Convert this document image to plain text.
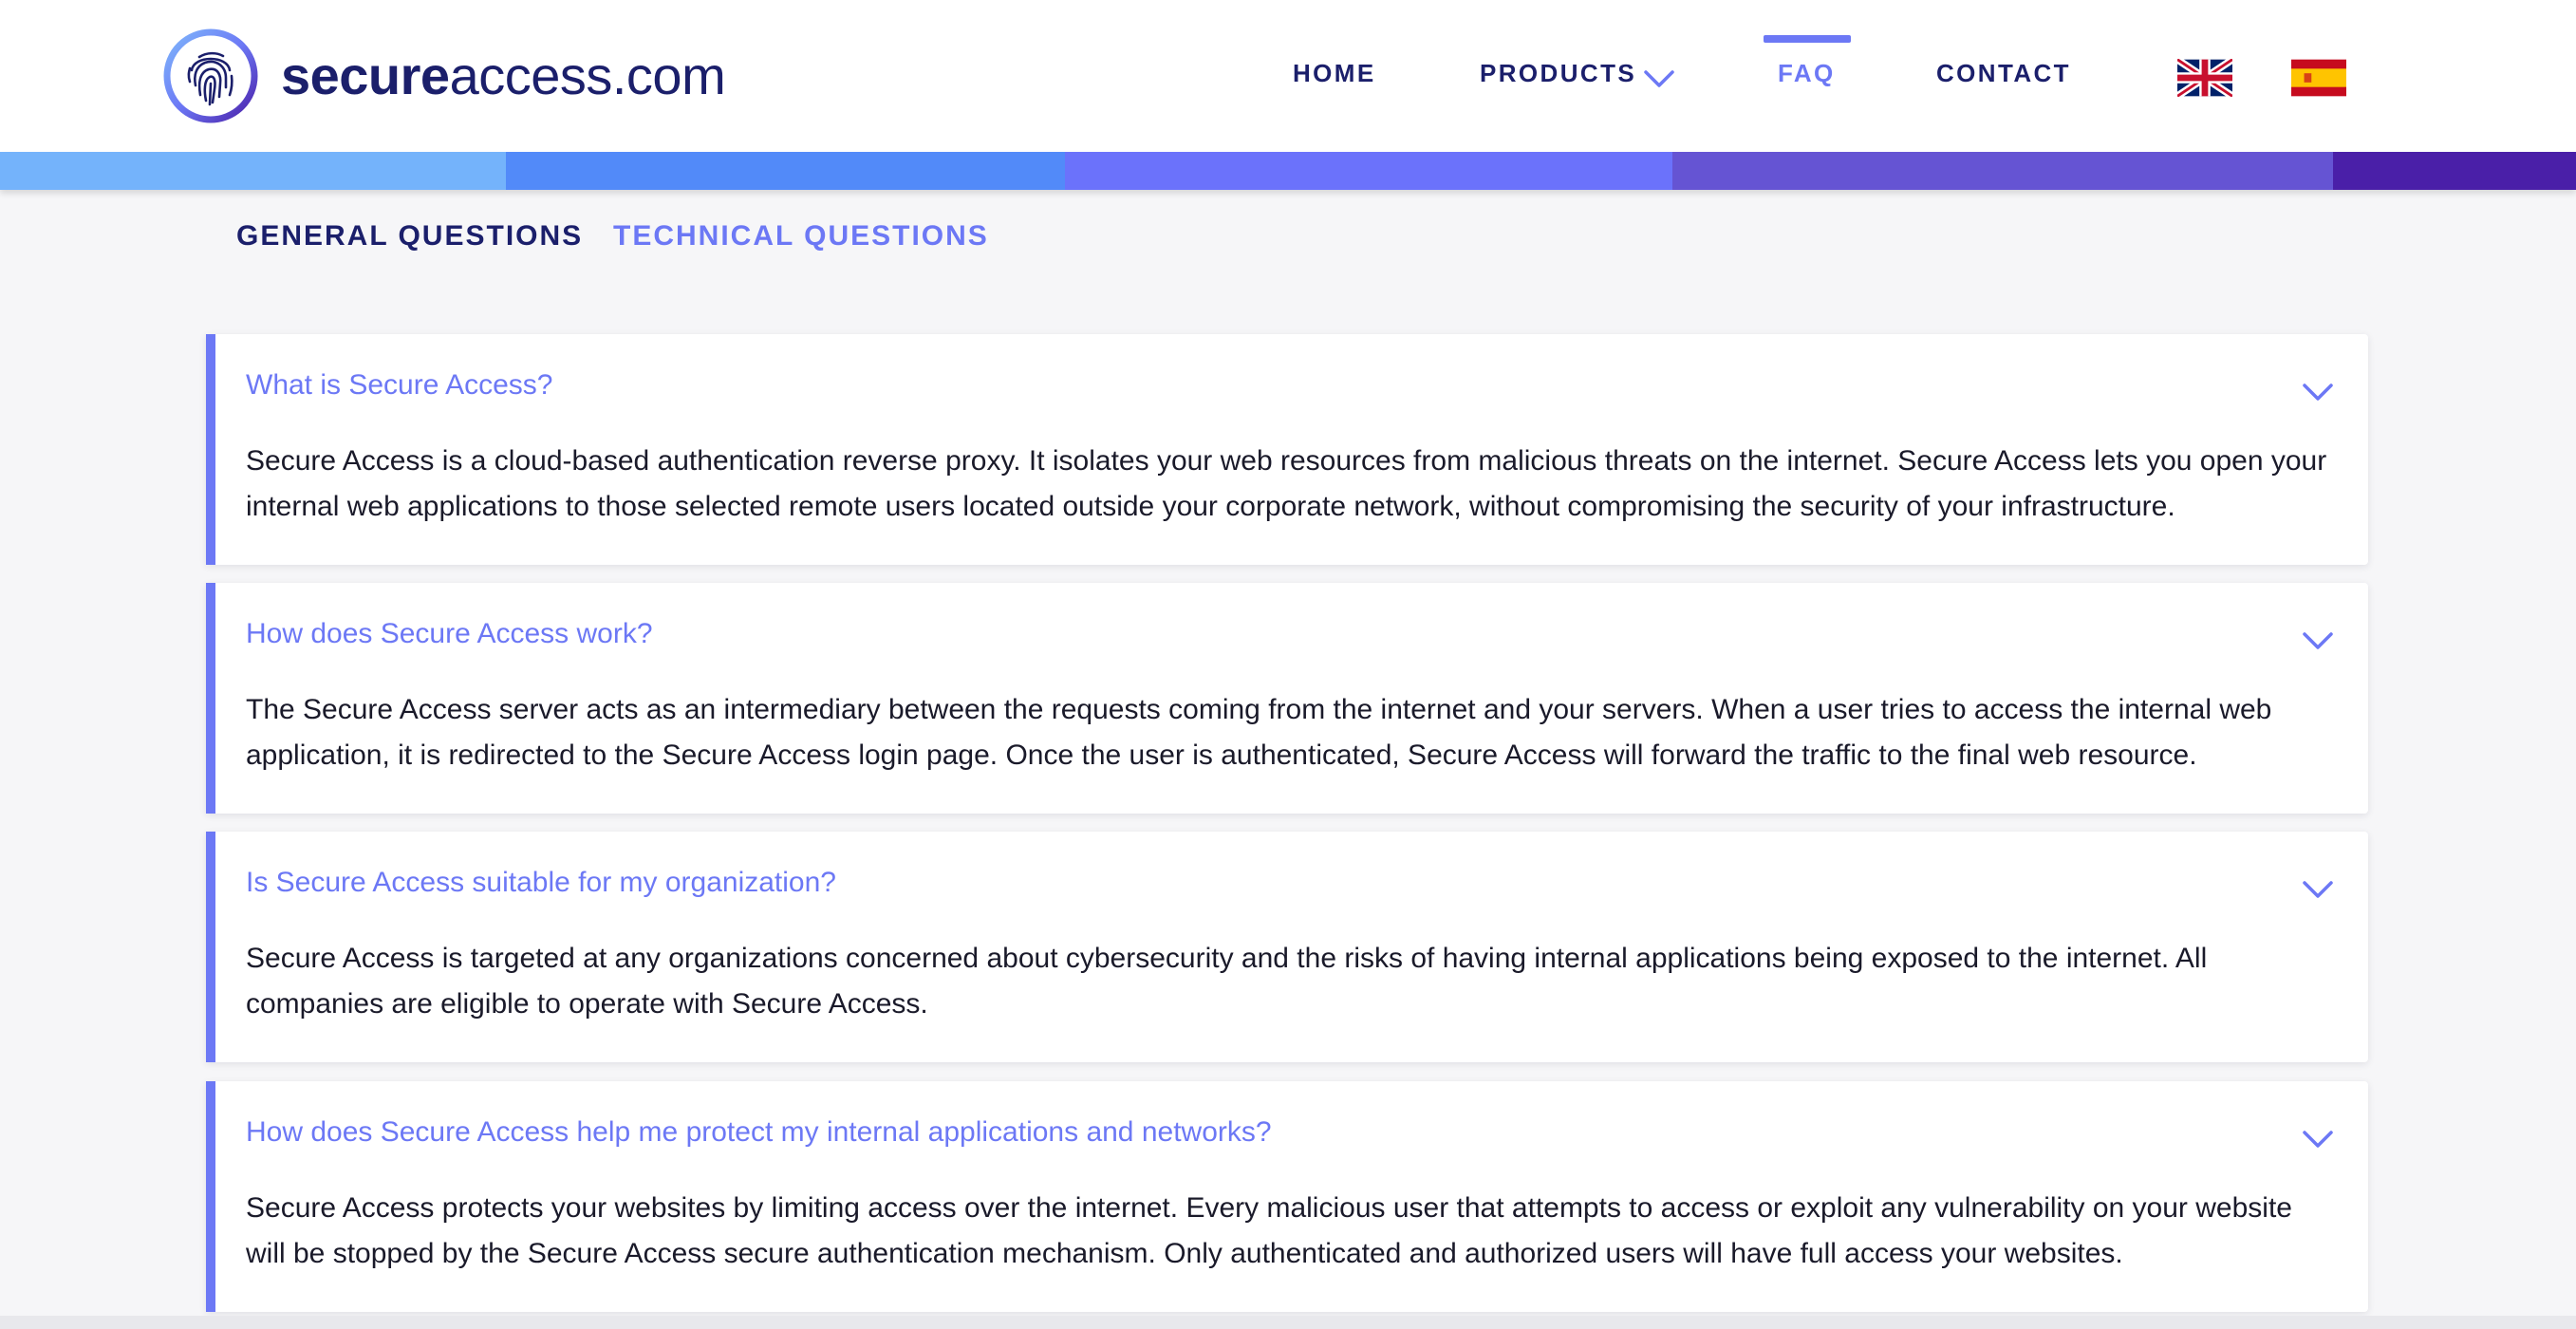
secureaccess.com	HOME	PRODUCTS	FAQ	CONTACT
GENERAL QUESTIONS TECHNICAL QUESTIONS
What is Secure Access?
Secure Access is a cloud-based authentication reverse proxy. It isolates your web resources from malicious threats on the internet. Secure Access lets you open your internal web applications to those selected remote users located outside your corporate network, without compromising the security of your infrastructure.
How does Secure Access work?
The Secure Access server acts as an intermediary between the requests coming from the internet and your servers. When a user tries to access the internal web application, it is redirected to the Secure Access login page. Once the user is authenticated, Secure Access will forward the traffic to the final web resource.
Is Secure Access suitable for my organization?
Secure Access is targeted at any organizations concerned about cybersecurity and the risks of having internal applications being exposed to the internet. All companies are eligible to operate with Secure Access.
How does Secure Access help me protect my internal applications and networks?
Secure Access protects your websites by limiting access over the internet. Every malicious user that attempts to access or exploit any vulnerability on your website will be stopped by the Secure Access secure authentication mechanism. Only authenticated and authorized users will have full access your websites.
